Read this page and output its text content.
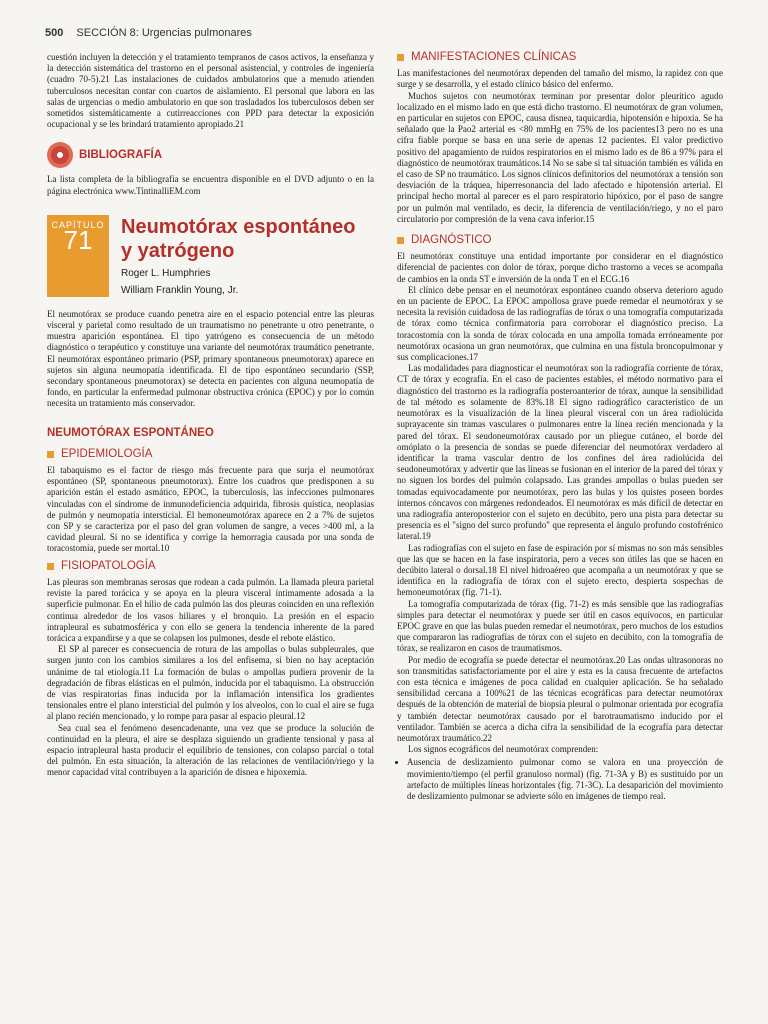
500 SECCIÓN 8: Urgencias pulmonares

cuestión incluyen la detección y el tratamiento tempranos de casos activos, la enseñanza y la detección sistemática del trastorno en el personal asistencial, y controles de ingeniería (cuadro 70-5).21 Las instalaciones de cuidados ambulatorios que a menudo atienden tuberculosos necesitan contar con cuartos de aislamiento. El personal que labora en las salas de urgencias o medio ambulatorio en que son trasladados los tuberculosos deben ser sometidos sistemáticamente a cutirreacciones con PPD para detectar la exposición ocupacional y se les brindará tratamiento apropiado.21

BIBLIOGRAFÍA

La lista completa de la bibliografía se encuentra disponible en el DVD adjunto o en la página electrónica www.TintinalliEM.com

CAPÍTULO
71 Neumotórax espontáneo
y yatrógeno
Roger L. Humphries
William Franklin Young, Jr.

El neumotórax se produce cuando penetra aire en el espacio potencial entre las pleuras visceral y parietal como resultado de un traumatismo no penetrante u otro penetrante, o muestra aparición espontánea. El tipo yatrógeno es consecuencia de un método diagnóstico o terapéutico y constituye una variante del neumotórax traumático penetrante. El neumotórax espontáneo primario (PSP, primary spontaneous pneumotorax) aparece en sujetos sin alguna neumopatía identificada. El de tipo espontáneo secundario (SSP, secondary spontaneous pneumotorax) se detecta en pacientes con alguna neumopatía de fondo, en particular la enfermedad pulmonar obstructiva crónica (EPOC) y por lo común necesita un tratamiento más conservador.

NEUMOTÓRAX ESPONTÁNEO
EPIDEMIOLOGÍA

El tabaquismo es el factor de riesgo más frecuente para que surja el neumotórax espontáneo (SP, spontaneous pneumotorax). Entre los cuadros que predisponen a su aparición están el estado asmático, EPOC, la tuberculosis, las infecciones pulmonares vinculadas con el síndrome de inmunodeficiencia adquirida, fibrosis quística, neoplasias de pulmón y neumopatía intersticial. El hemoneumotórax aparece en 2 a 7% de sujetos con SP y se caracteriza por el paso del gran volumen de sangre, a veces >400 ml, a la cavidad pleural. Si no se identifica y corrige la hemorragia causada por una sonda de toracostomía, puede ser mortal.10

FISIOPATOLOGÍA

Las pleuras son membranas serosas que rodean a cada pulmón. La llamada pleura parietal reviste la pared torácica y se apoya en la pleura visceral íntimamente adosada a la superficie pulmonar. En el hilio de cada pulmón las dos pleuras coinciden en una reflexión continua alrededor de los vasos hiliares y el bronquio. La presión en el espacio intrapleural es subatmosférica y con ello se genera la tendencia inherente de la pared torácica a expandirse y a que se colapsen los pulmones, desde el rebote elástico.

El SP al parecer es consecuencia de rotura de las ampollas o bulas subpleurales, que surgen junto con los cambios similares a los del enfisema, si bien no hay aceptación unánime de tal etiología.11 La formación de bulas o ampollas pudiera provenir de la degradación de fibras elásticas en el pulmón, inducida por el tabaquismo. La obstrucción de vías respiratorias finas inducida por la inflamación intensifica los gradientes tensionales entre el plano intersticial del pulmón y los alveolos, con lo cual el aire se fuga al plano recién mencionado, y lo rompe para pasar al espacio pleural.12

Sea cual sea el fenómeno desencadenante, una vez que se produce la solución de continuidad en la pleura, el aire se desplaza siguiendo un gradiente tensional y pasa al espacio intrapleural hasta producir el equilibrio de tensiones, con colapso parcial o total del pulmón. En esta situación, la alteración de las relaciones de ventilación/riego y la menor capacidad vital contribuyen a la aparición de disnea e hipoxemia.

MANIFESTACIONES CLÍNICAS

Las manifestaciones del neumotórax dependen del tamaño del mismo, la rapidez con que surge y se desarrolla, y el estado clínico básico del enfermo.

Muchos sujetos con neumotórax terminan por presentar dolor pleurítico agudo localizado en el mismo lado en que está dicho trastorno. El neumotórax de gran volumen, en particular en sujetos con EPOC, causa disnea, taquicardia, hipotensión e hipoxia. Se ha señalado que la Pao2 arterial es <80 mmHg en 75% de los pacientes13 pero no es una cifra fiable porque se basa en una serie de apenas 12 pacientes. El valor predictivo positivo del apagamiento de ruidos respiratorios en el mismo lado es de 86 a 97% para el diagnóstico de neumotórax traumáticos.14 No se sabe si tal situación también es válida en el caso de SP no traumático. Los signos clínicos definitorios del neumotórax a tensión son desviación de la tráquea, hiperresonancia del lado afectado e hipotensión arterial. El principal hecho mortal al parecer es el paro respiratorio hipóxico, por el paso de sangre por un pulmón mal ventilado, es decir, la diferencia de ventilación/riego, y no el paro circulatorio por compresión de la vena cava inferior.15

DIAGNÓSTICO

El neumotórax constituye una entidad importante por considerar en el diagnóstico diferencial de pacientes con dolor de tórax, porque dicho trastorno a veces se acompaña de cambios en la onda ST e inversión de la onda T en el ECG.16

El clínico debe pensar en el neumotórax espontáneo cuando observa deterioro agudo en un paciente de EPOC. La EPOC ampollosa grave puede remedar el neumotórax y se necesita la revisión cuidadosa de las radiografías de tórax o una tomografía computarizada de tórax como técnica confirmatoria para corroborar el diagnóstico preciso. La toracostomía con la sonda de tórax colocada en una ampolla tomada erróneamente por neumotórax ocasiona un gran neumotórax, que culmina en una fístula broncopulmonar y sus complicaciones.17

Las modalidades para diagnosticar el neumotórax son la radiografía corriente de tórax, CT de tórax y ecografía. En el caso de pacientes estables, el método normativo para el diagnóstico del trastorno es la radiografía posteroanterior de tórax, aunque la sensibilidad de tal método es solamente de 83%.18 El signo radiográfico característico de un neumotórax es la visualización de la línea pleural visceral con un área radiolúcida suprayacente sin tramas vasculares o pulmonares entre la línea recién mencionada y la pared del tórax. El seudoneumotórax causado por un pliegue cutáneo, el borde del omóplato o la presencia de sondas se puede diferenciar del neumotórax verdadero al identificar la trama vascular dentro de los confines del área radiolúcida del seudoneumotórax y advertir que las líneas se fusionan en el interior de la pared del tórax y no siguen los bordes del pulmón colapsado. Las grandes ampollas o bulas pueden ser tomadas equivocadamente por neumotórax, pero las bulas y los quistes poseen bordes internos cóncavos con márgenes redondeados. El neumotórax es más difícil de detectar en una radiografía anteroposterior con el sujeto en decúbito, pero una pista para detectar su presencia es el "signo del surco profundo" que representa el ángulo profundo costofrénico lateral.19

Las radiografías con el sujeto en fase de espiración por sí mismas no son más sensibles que las que se hacen en la fase inspiratoria, pero a veces son útiles las que se hacen en decúbito lateral o dorsal.18 El nivel hidroaéreo que acompaña a un neumotórax y que se identifica en la radiografía de tórax con el sujeto erecto, despierta sospechas de hemoneumotórax (fig. 71-1).

La tomografía computarizada de tórax (fig. 71-2) es más sensible que las radiografías simples para detectar el neumotórax y puede ser útil en casos equívocos, en particular EPOC grave en que las bulas pueden remedar el neumotórax, pero muchos de los estudios que compararon las radiografías de tórax con el sujeto en decúbito, con la tomografía de tórax, se realizaron en casos de traumatismos.

Por medio de ecografía se puede detectar el neumotórax.20 Las ondas ultrasonoras no son transmitidas satisfactoriamente por el aire y esta es la causa frecuente de artefactos con esta técnica e imágenes de poca calidad en cualquier aplicación. Se ha señalado sensibilidad cercana a 100%21 de las técnicas ecográficas para detectar neumotórax después de la obtención de material de biopsia pleural o pulmonar orientada por ecografía y también detectar neumotórax causado por el barotraumatismo inducido por el ventilador. También se acerca a dicha cifra la sensibilidad de la ecografía para detectar neumotórax traumático.22

Los signos ecográficos del neumotórax comprenden:

• Ausencia de deslizamiento pulmonar como se valora en una proyección de movimiento/tiempo (el perfil granuloso normal) (fig. 71-3A y B) es sustituido por un artefacto de múltiples líneas horizontales (fig. 71-3C). La desaparición del movimiento de deslizamiento pulmonar se advierte sólo en imágenes de tiempo real.
